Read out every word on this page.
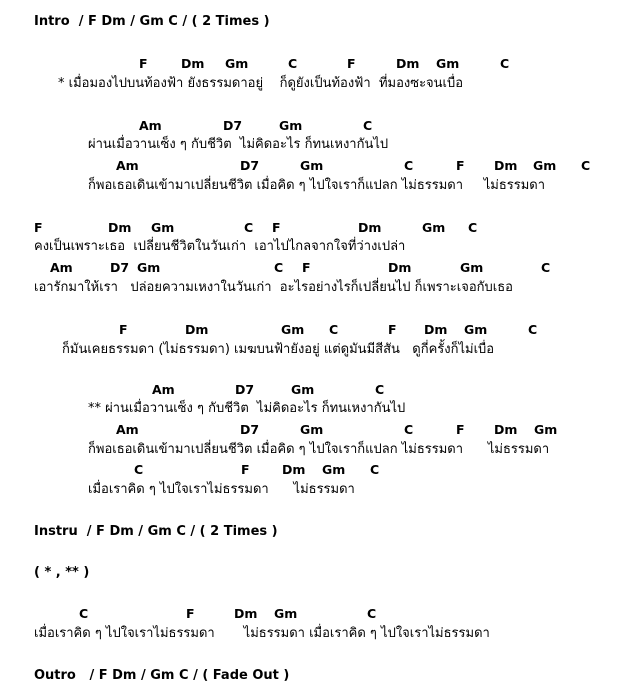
Intro  / F Dm / Gm C / ( 2 Times )
F	Dm Gm	C	F	Dm Gm	C
* เมื่อมองไปบนท้องฟ้า ยังธรรมดาอยู่    ก็ดูยังเป็นท้องฟ้า  ที่มองซะจนเบื่อ
Am	D7	Gm	C
ผ่านเมื่อวานเซ็ง ๆ กับชีวิต  ไม่คิดอะไร ก็ทนเหงากันไป
Am	D7	Gm	C	F Dm Gm C
ก็พอเธอเดินเข้ามาเปลี่ยนชีวิต เมื่อคิด ๆ ไปใจเราก็แปลก ไม่ธรรมดา     ไม่ธรรมดา
F	Dm Gm	C F	Dm	Gm C
คงเป็นเพราะเธอ  เปลี่ยนชีวิตในวันเก่า  เอาไปไกลจากใจที่ว่างเปล่า
Am	D7 Gm	C F	Dm	Gm	C
เอารักมาให้เรา   ปล่อยความเหงาในวันเก่า  อะไรอย่างไรก็เปลี่ยนไป ก็เพราะเจอกับเธอ
F	Dm	Gm C	F Dm Gm	C
ก็มันเคยธรรมดา (ไม่ธรรมดา) เมฆบนฟ้ายังอยู่ แต่ดูมันมีสีสัน   ดูกี่ครั้งก็ไม่เบื่อ
Am	D7	Gm	C
** ผ่านเมื่อวานเซ็ง ๆ กับชีวิต  ไม่คิดอะไร ก็ทนเหงากันไป
Am	D7	Gm	C	F Dm Gm
ก็พอเธอเดินเข้ามาเปลี่ยนชีวิต เมื่อคิด ๆ ไปใจเราก็แปลก ไม่ธรรมดา      ไม่ธรรมดา
C	F	Dm Gm C
เมื่อเราคิด ๆ ไปใจเราไม่ธรรมดา      ไม่ธรรมดา
Instru  / F Dm / Gm C / ( 2 Times )
( * , ** )
C	F	Dm Gm	C
เมื่อเราคิด ๆ ไปใจเราไม่ธรรมดา       ไม่ธรรมดา เมื่อเราคิด ๆ ไปใจเราไม่ธรรมดา
Outro   / F Dm / Gm C / ( Fade Out )
